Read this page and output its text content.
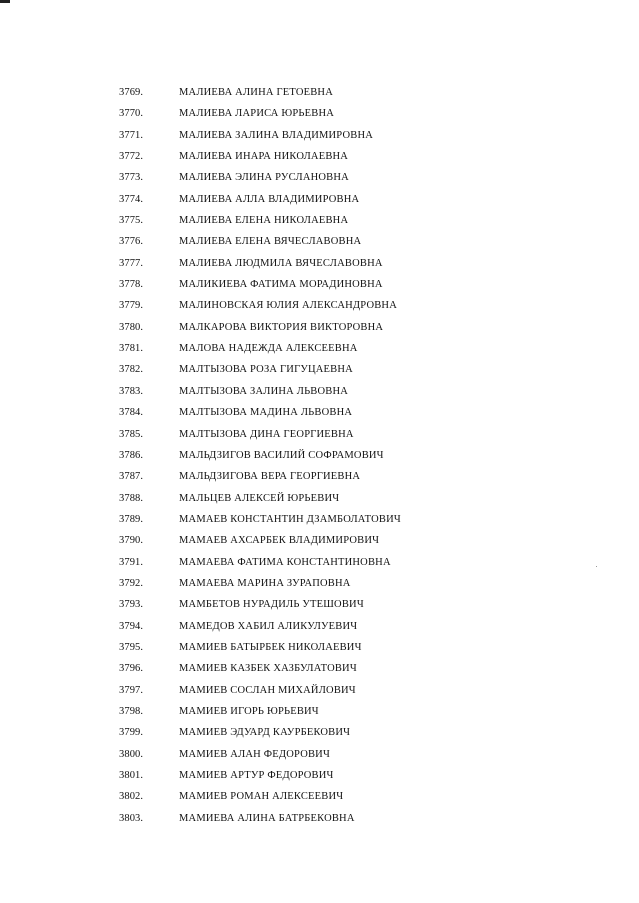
3769.	МАЛИЕВА АЛИНА ГЕТОЕВНА
3770.	МАЛИЕВА ЛАРИСА ЮРЬЕВНА
3771.	МАЛИЕВА ЗАЛИНА ВЛАДИМИРОВНА
3772.	МАЛИЕВА ИНАРА НИКОЛАЕВНА
3773.	МАЛИЕВА ЭЛИНА РУСЛАНОВНА
3774.	МАЛИЕВА АЛЛА ВЛАДИМИРОВНА
3775.	МАЛИЕВА ЕЛЕНА НИКОЛАЕВНА
3776.	МАЛИЕВА ЕЛЕНА ВЯЧЕСЛАВОВНА
3777.	МАЛИЕВА ЛЮДМИЛА ВЯЧЕСЛАВОВНА
3778.	МАЛИКИЕВА ФАТИМА МОРАДИНОВНА
3779.	МАЛИНОВСКАЯ ЮЛИЯ АЛЕКСАНДРОВНА
3780.	МАЛКАРОВА ВИКТОРИЯ ВИКТОРОВНА
3781.	МАЛОВА НАДЕЖДА АЛЕКСЕЕВНА
3782.	МАЛТЫЗОВА РОЗА ГИГУЦАЕВНА
3783.	МАЛТЫЗОВА ЗАЛИНА ЛЬВОВНА
3784.	МАЛТЫЗОВА МАДИНА ЛЬВОВНА
3785.	МАЛТЫЗОВА ДИНА ГЕОРГИЕВНА
3786.	МАЛЬДЗИГОВ ВАСИЛИЙ СОФРАМОВИЧ
3787.	МАЛЬДЗИГОВА ВЕРА ГЕОРГИЕВНА
3788.	МАЛЬЦЕВ АЛЕКСЕЙ ЮРЬЕВИЧ
3789.	МАМАЕВ КОНСТАНТИН ДЗАМБОЛАТОВИЧ
3790.	МАМАЕВ АХСАРБЕК ВЛАДИМИРОВИЧ
3791.	МАМАЕВА ФАТИМА КОНСТАНТИНОВНА
3792.	МАМАЕВА МАРИНА ЗУРАПОВНА
3793.	МАМБЕТОВ НУРАДИЛЬ УТЕШОВИЧ
3794.	МАМЕДОВ ХАБИЛ АЛИКУЛУЕВИЧ
3795.	МАМИЕВ БАТЫРБЕК НИКОЛАЕВИЧ
3796.	МАМИЕВ КАЗБЕК ХАЗБУЛАТОВИЧ
3797.	МАМИЕВ СОСЛАН МИХАЙЛОВИЧ
3798.	МАМИЕВ ИГОРЬ ЮРЬЕВИЧ
3799.	МАМИЕВ ЭДУАРД КАУРБЕКОВИЧ
3800.	МАМИЕВ АЛАН ФЕДОРОВИЧ
3801.	МАМИЕВ АРТУР ФЕДОРОВИЧ
3802.	МАМИЕВ РОМАН АЛЕКСЕЕВИЧ
3803.	МАМИЕВА АЛИНА БАТРБЕКОВНА
